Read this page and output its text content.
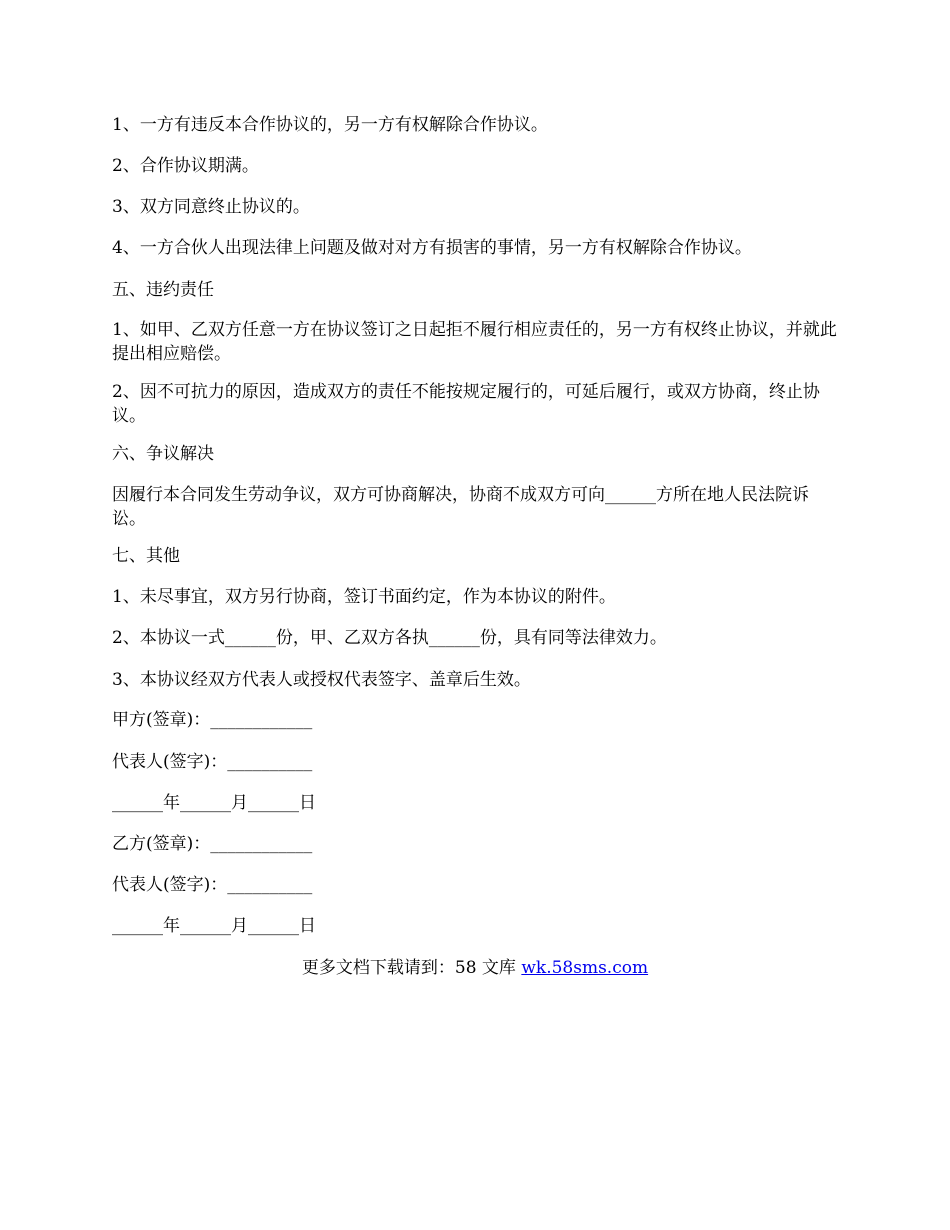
1、一方有违反本合作协议的，另一方有权解除合作协议。
2、合作协议期满。
3、双方同意终止协议的。
4、一方合伙人出现法律上问题及做对对方有损害的事情，另一方有权解除合作协议。
五、违约责任
1、如甲、乙双方任意一方在协议签订之日起拒不履行相应责任的，另一方有权终止协议，并就此提出相应赔偿。
2、因不可抗力的原因，造成双方的责任不能按规定履行的，可延后履行，或双方协商，终止协议。
六、争议解决
因履行本合同发生劳动争议，双方可协商解决，协商不成双方可向______方所在地人民法院诉讼。
七、其他
1、未尽事宜，双方另行协商，签订书面约定，作为本协议的附件。
2、本协议一式______份，甲、乙双方各执______份，具有同等法律效力。
3、本协议经双方代表人或授权代表签字、盖章后生效。
甲方(签章)：____________
代表人(签字)：__________
______年______月______日
乙方(签章)：____________
代表人(签字)：__________
______年______月______日
更多文档下载请到：58 文库 wk.58sms.com
